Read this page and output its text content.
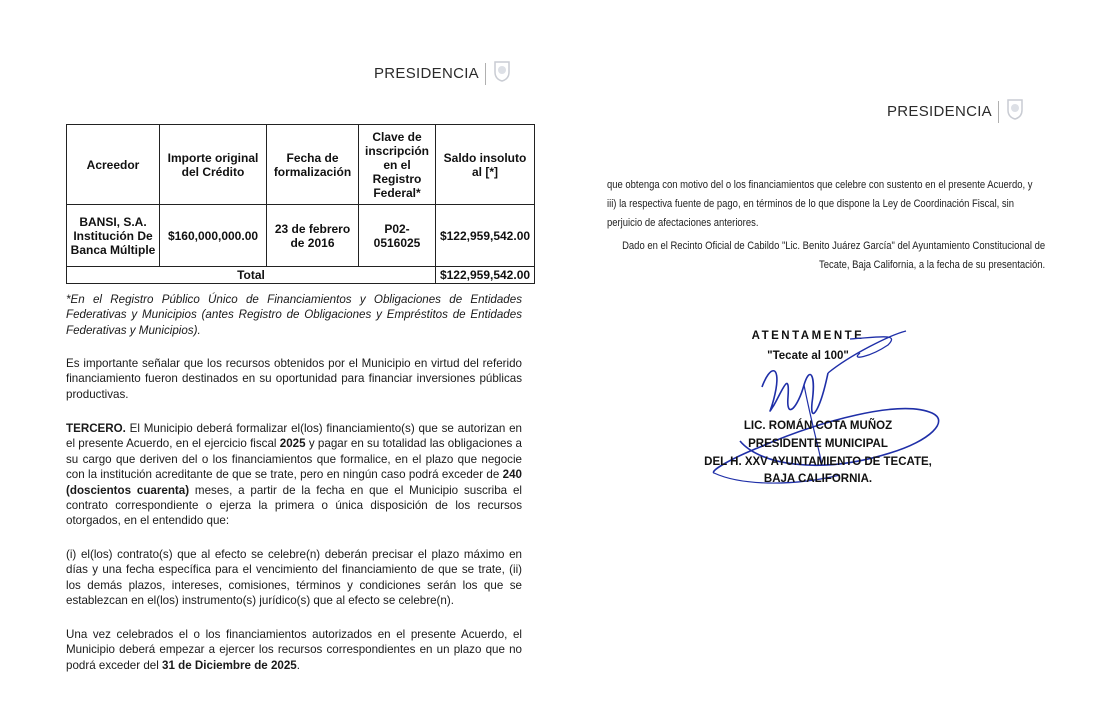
PRESIDENCIA
Acreedor	Importe original del Crédito	Fecha de formalización	Clave de inscripción en el Registro Federal*	Saldo insoluto al [*]
BANSI, S.A. Institución De Banca Múltiple	$160,000,000.00	23 de febrero de 2016	P02-0516025	$122,959,542.00
Total				$122,959,542.00

*En el Registro Público Único de Financiamientos y Obligaciones de Entidades Federativas y Municipios (antes Registro de Obligaciones y Empréstitos de Entidades Federativas y Municipios).

Es importante señalar que los recursos obtenidos por el Municipio en virtud del referido financiamiento fueron destinados en su oportunidad para financiar inversiones públicas productivas.

TERCERO. El Municipio deberá formalizar el(los) financiamiento(s) que se autorizan en el presente Acuerdo, en el ejercicio fiscal 2025 y pagar en su totalidad las obligaciones a su cargo que deriven del o los financiamientos que formalice, en el plazo que negocie con la institución acreditante de que se trate, pero en ningún caso podrá exceder de 240 (doscientos cuarenta) meses, a partir de la fecha en que el Municipio suscriba el contrato correspondiente o ejerza la primera o única disposición de los recursos otorgados, en el entendido que:

(i) el(los) contrato(s) que al efecto se celebre(n) deberán precisar el plazo máximo en días y una fecha específica para el vencimiento del financiamiento de que se trate, (ii) los demás plazos, intereses, comisiones, términos y condiciones serán los que se establezcan en el(los) instrumento(s) jurídico(s) que al efecto se celebre(n).

Una vez celebrados el o los financiamientos autorizados en el presente Acuerdo, el Municipio deberá empezar a ejercer los recursos correspondientes en un plazo que no podrá exceder del 31 de Diciembre de 2025.

PRESIDENCIA

que obtenga con motivo del o los financiamientos que celebre con sustento en el presente Acuerdo, y iii) la respectiva fuente de pago, en términos de lo que dispone la Ley de Coordinación Fiscal, sin perjuicio de afectaciones anteriores.

Dado en el Recinto Oficial de Cabildo "Lic. Benito Juárez García" del Ayuntamiento Constitucional de Tecate, Baja California, a la fecha de su presentación.

ATENTAMENTE
"Tecate al 100"
LIC. ROMÁN COTA MUÑOZ
PRESIDENTE MUNICIPAL
DEL H. XXV AYUNTAMIENTO DE TECATE,
BAJA CALIFORNIA.
